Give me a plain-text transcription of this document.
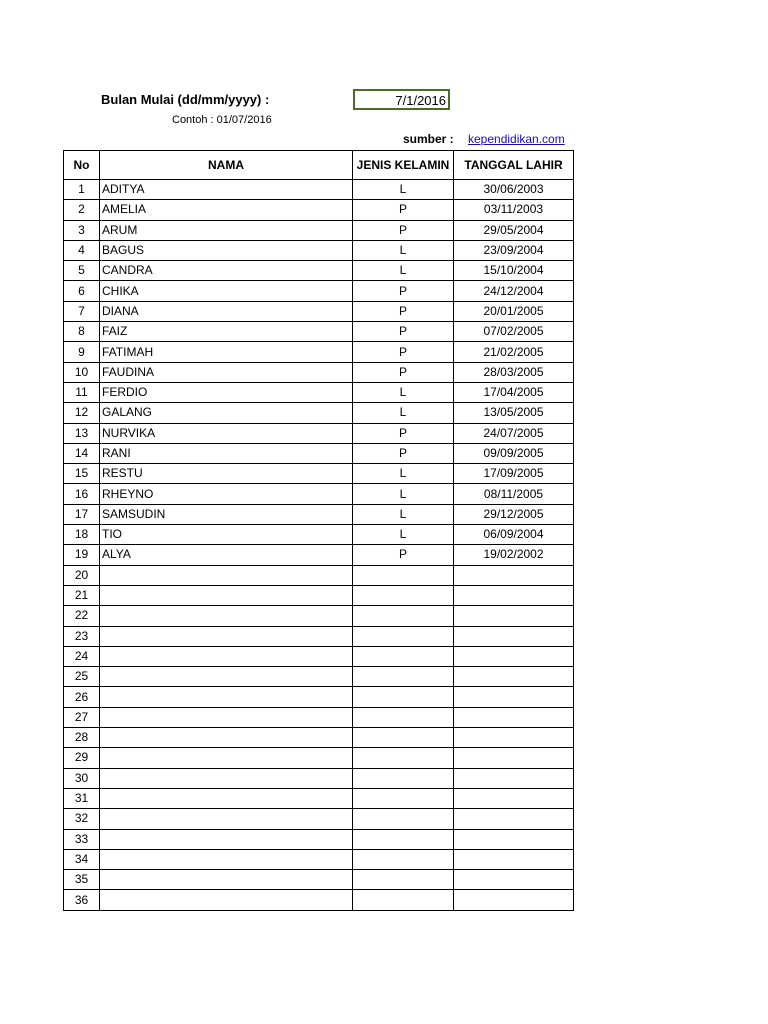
Bulan Mulai (dd/mm/yyyy) :	7/1/2016
Contoh : 01/07/2016
sumber : kependidikan.com
No	NAMA	JENIS KELAMIN	TANGGAL LAHIR
1	ADITYA	L	30/06/2003
2	AMELIA	P	03/11/2003
3	ARUM	P	29/05/2004
4	BAGUS	L	23/09/2004
5	CANDRA	L	15/10/2004
6	CHIKA	P	24/12/2004
7	DIANA	P	20/01/2005
8	FAIZ	P	07/02/2005
9	FATIMAH	P	21/02/2005
10	FAUDINA	P	28/03/2005
11	FERDIO	L	17/04/2005
12	GALANG	L	13/05/2005
13	NURVIKA	P	24/07/2005
14	RANI	P	09/09/2005
15	RESTU	L	17/09/2005
16	RHEYNO	L	08/11/2005
17	SAMSUDIN	L	29/12/2005
18	TIO	L	06/09/2004
19	ALYA	P	19/02/2002
20			
21			
22			
23			
24			
25			
26			
27			
28			
29			
30			
31			
32			
33			
34			
35			
36			
